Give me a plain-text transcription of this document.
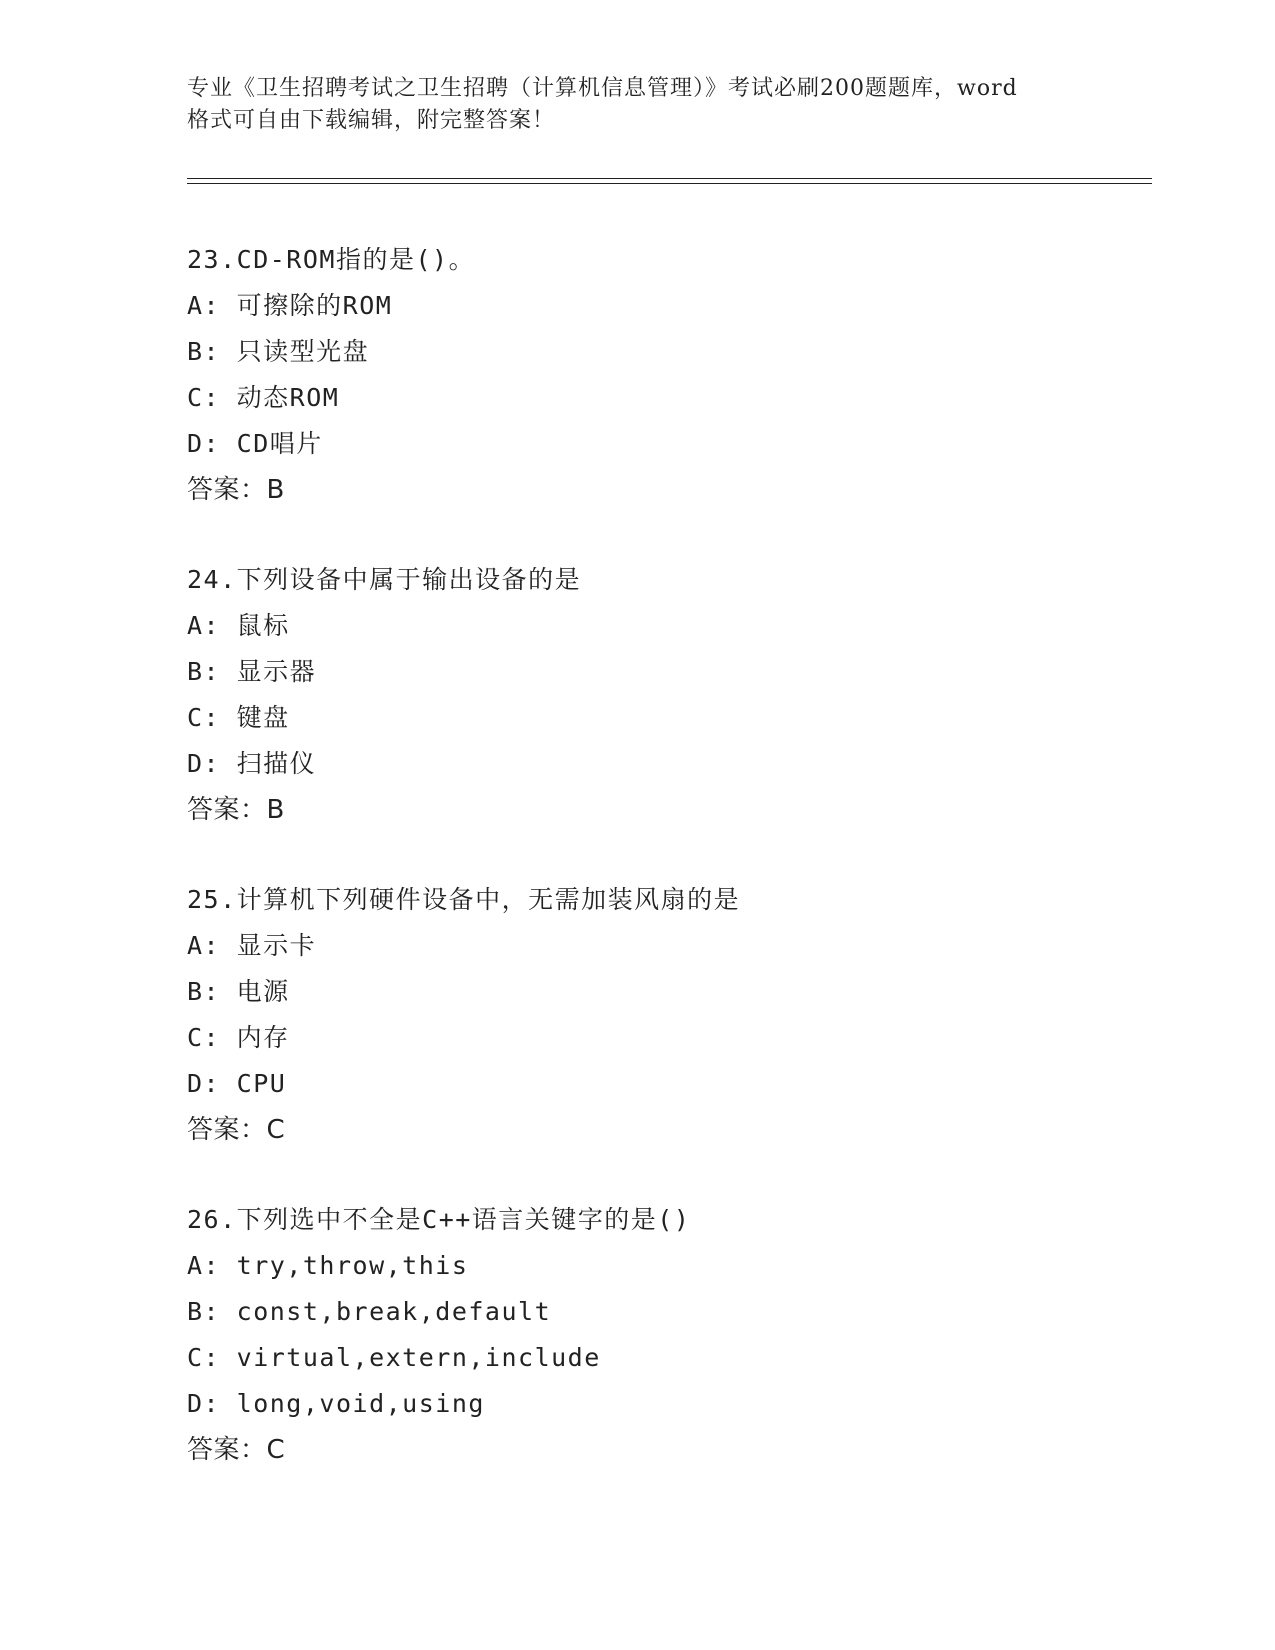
专业《卫生招聘考试之卫生招聘（计算机信息管理）》考试必刷200题题库，word
格式可自由下载编辑，附完整答案！
23.CD-ROM指的是()。
A: 可擦除的ROM
B: 只读型光盘
C: 动态ROM
D: CD唱片
答案：B
24.下列设备中属于输出设备的是
A: 鼠标
B: 显示器
C: 键盘
D: 扫描仪
答案：B
25.计算机下列硬件设备中，无需加装风扇的是
A: 显示卡
B: 电源
C: 内存
D: CPU
答案：C
26.下列选中不全是C++语言关键字的是()
A: try,throw,this
B: const,break,default
C: virtual,extern,include
D: long,void,using
答案：C
